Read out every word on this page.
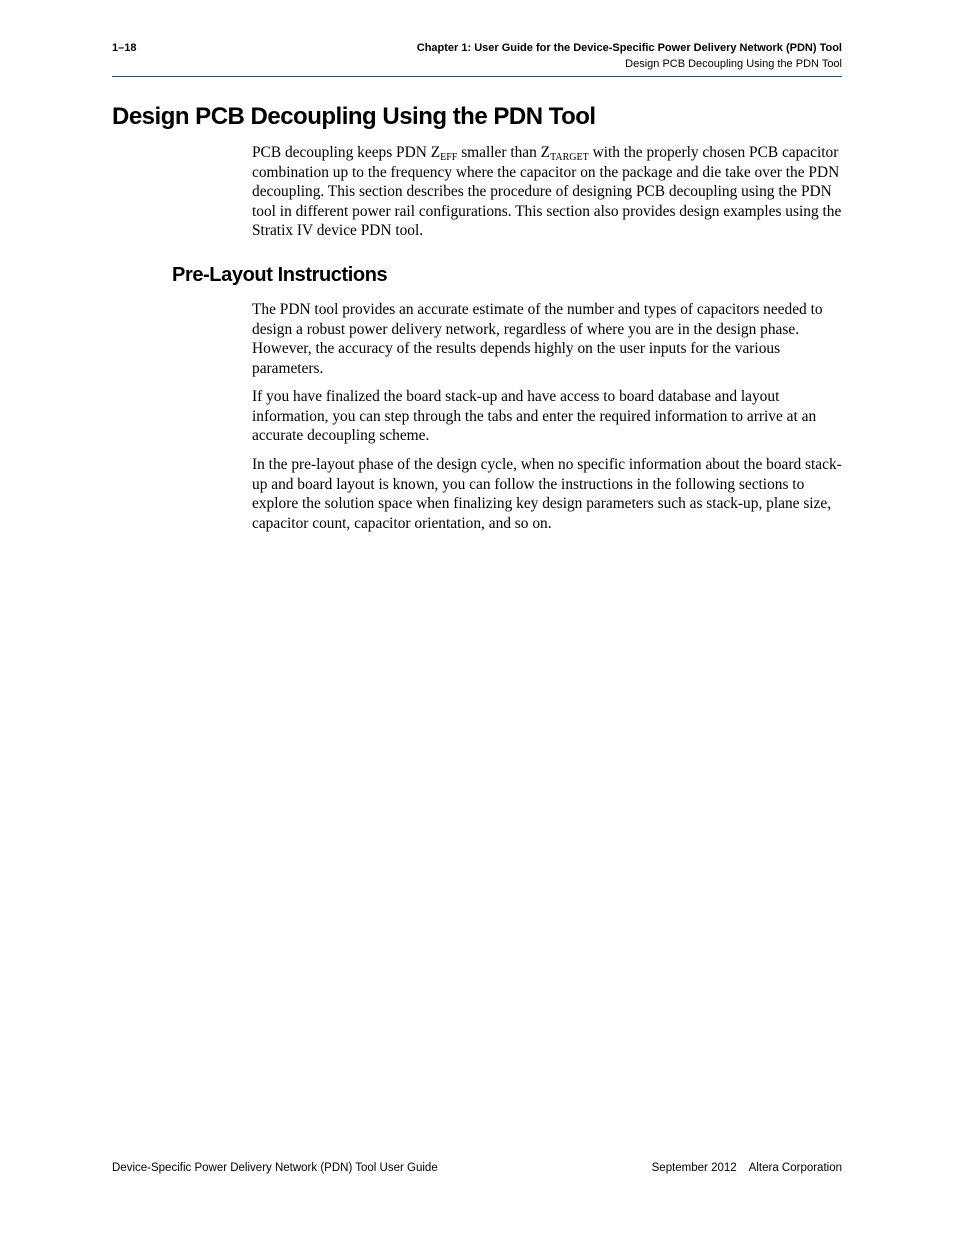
1–18	Chapter 1: User Guide for the Device-Specific Power Delivery Network (PDN) Tool
Design PCB Decoupling Using the PDN Tool
Design PCB Decoupling Using the PDN Tool

PCB decoupling keeps PDN $Z_{EFF}$ smaller than $Z_{TARGET}$ with the properly chosen PCB capacitor combination up to the frequency where the capacitor on the package and die take over the PDN decoupling. This section describes the procedure of designing PCB decoupling using the PDN tool in different power rail configurations. This section also provides design examples using the Stratix IV device PDN tool.

Pre-Layout Instructions

The PDN tool provides an accurate estimate of the number and types of capacitors needed to design a robust power delivery network, regardless of where you are in the design phase. However, the accuracy of the results depends highly on the user inputs for the various parameters.

If you have finalized the board stack-up and have access to board database and layout information, you can step through the tabs and enter the required information to arrive at an accurate decoupling scheme.

In the pre-layout phase of the design cycle, when no specific information about the board stack-up and board layout is known, you can follow the instructions in the following sections to explore the solution space when finalizing key design parameters such as stack-up, plane size, capacitor count, capacitor orientation, and so on.

Device-Specific Power Delivery Network (PDN) Tool User Guide	September 2012 Altera Corporation
